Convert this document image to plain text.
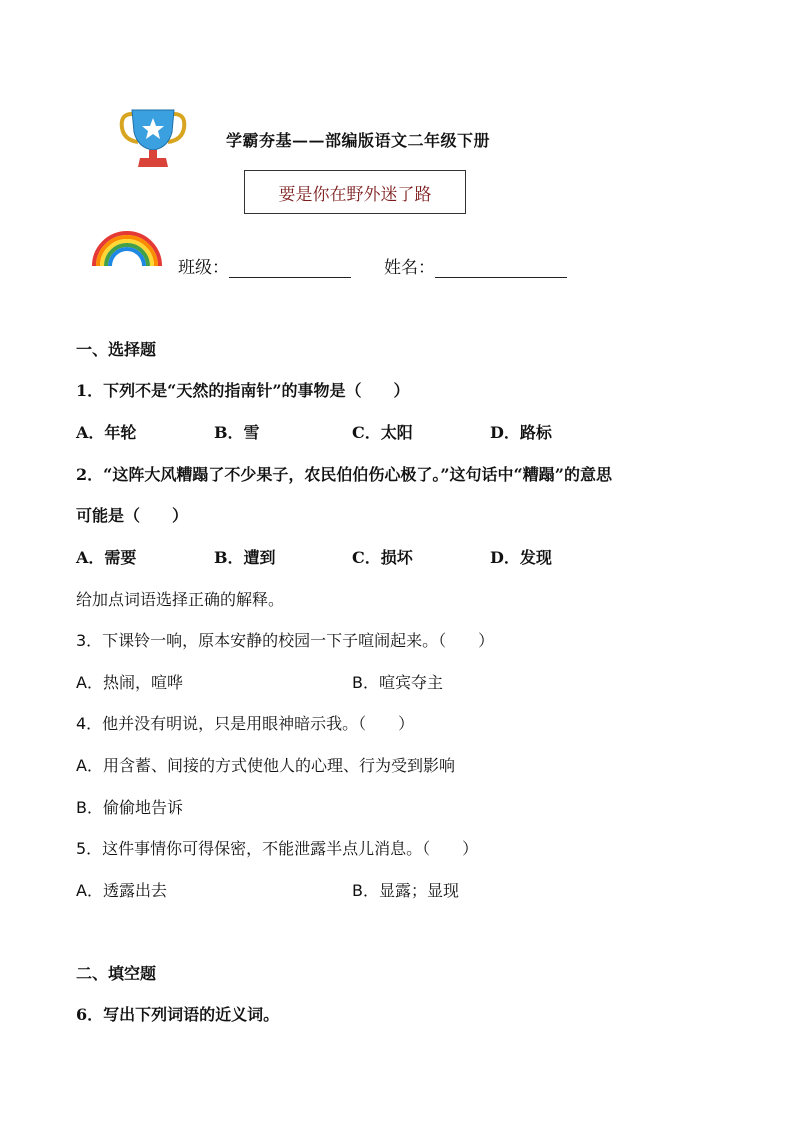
学霸夯基——部编版语文二年级下册
要是你在野外迷了路
班级：	姓名：
一、选择题
1．下列不是“天然的指南针”的事物是（　　）
A．年轮	B．雪	C．太阳	D．路标
2．“这阵大风糟蹋了不少果子，农民伯伯伤心极了。”这句话中“糟蹋”的意思
可能是（　　）
A．需要	B．遭到	C．损坏	D．发现
给加点词语选择正确的解释。
3．下课铃一响，原本安静的校园一下子喧闹起来。（　　）
A．热闹，喧哗	B．喧宾夺主
4．他并没有明说，只是用眼神暗示我。（　　）
A．用含蓄、间接的方式使他人的心理、行为受到影响
B．偷偷地告诉
5．这件事情你可得保密，不能泄露半点儿消息。（　　）
A．透露出去	B．显露；显现
二、填空题
6．写出下列词语的近义词。
